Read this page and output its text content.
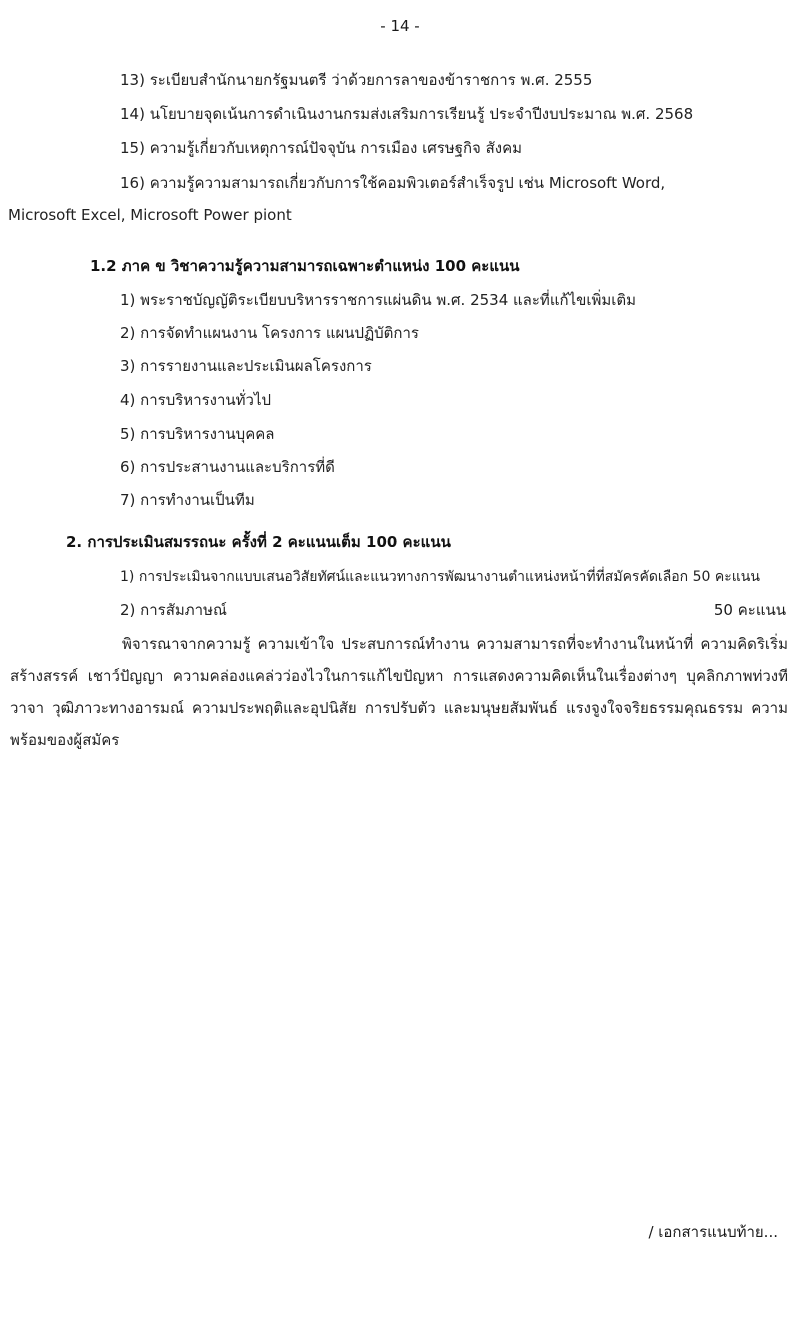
- 14 -
13) ระเบียบสำนักนายกรัฐมนตรี ว่าด้วยการลาของข้าราชการ พ.ศ. 2555
14) นโยบายจุดเน้นการดำเนินงานกรมส่งเสริมการเรียนรู้ ประจำปีงบประมาณ พ.ศ. 2568
15) ความรู้เกี่ยวกับเหตุการณ์ปัจจุบัน การเมือง เศรษฐกิจ สังคม
16) ความรู้ความสามารถเกี่ยวกับการใช้คอมพิวเตอร์สำเร็จรูป เช่น Microsoft Word,
Microsoft Excel, Microsoft Power piont
1.2 ภาค ข วิชาความรู้ความสามารถเฉพาะตำแหน่ง 100 คะแนน
1) พระราชบัญญัติระเบียบบริหารราชการแผ่นดิน พ.ศ. 2534 และที่แก้ไขเพิ่มเติม
2) การจัดทำแผนงาน โครงการ แผนปฏิบัติการ
3) การรายงานและประเมินผลโครงการ
4) การบริหารงานทั่วไป
5) การบริหารงานบุคคล
6) การประสานงานและบริการที่ดี
7) การทำงานเป็นทีม
2. การประเมินสมรรถนะ ครั้งที่ 2 คะแนนเต็ม 100 คะแนน
1) การประเมินจากแบบเสนอวิสัยทัศน์และแนวทางการพัฒนางานตำแหน่งหน้าที่ที่สมัครคัดเลือก 50 คะแนน
2) การสัมภาษณ์	50 คะแนน
พิจารณาจากความรู้ ความเข้าใจ ประสบการณ์ทำงาน ความสามารถที่จะทำงานในหน้าที่ ความคิดริเริ่มสร้างสรรค์ เชาว์ปัญญา ความคล่องแคล่วว่องไวในการแก้ไขปัญหา การแสดงความคิดเห็นในเรื่องต่างๆ บุคลิกภาพท่วงทีวาจา วุฒิภาวะทางอารมณ์ ความประพฤติและอุปนิสัย การปรับตัว และมนุษยสัมพันธ์ แรงจูงใจจริยธรรมคุณธรรม ความพร้อมของผู้สมัคร
/ เอกสารแนบท้าย...
